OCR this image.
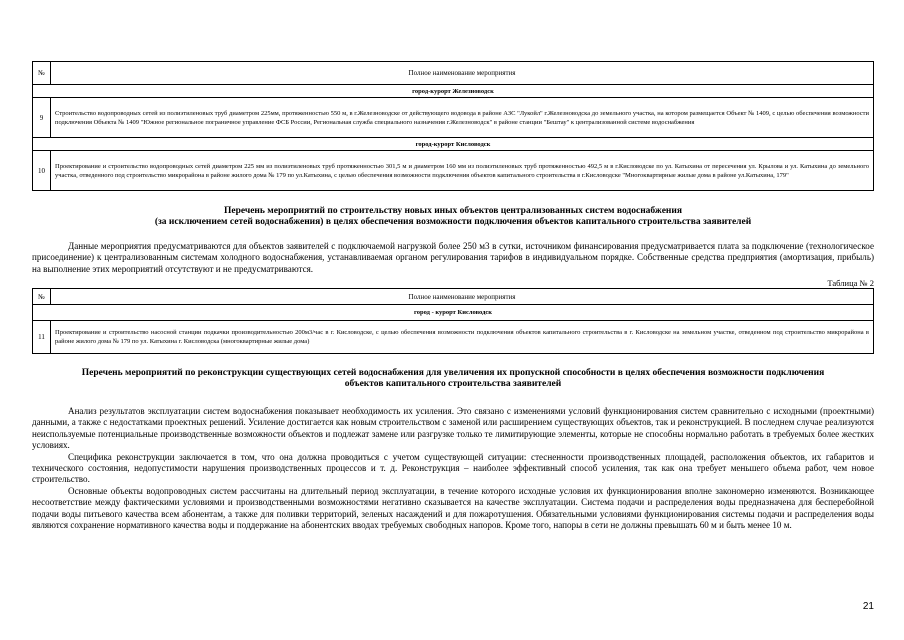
№	Полное наименование мероприятия
город-курорт Железноводск	
9	Строительство водопроводных сетей из полиэтиленовых труб диаметром 225мм, протяженностью 550 м, в г.Железноводске от действующего водовода в районе АЗС "Лукойл" г.Железноводска до земельного участка, на котором размещается Объект № 1409, с целью обеспечения возможности подключения Объекта № 1409 "Южное региональное пограничное управление ФСБ России, Региональная служба специального назначения г.Железноводск" в районе станции "Бештау" к централизованной системе водоснабжения
город-курорт Кисловодск	
10	Проектирование и строительство водопроводных сетей диаметром 225 мм из полиэтиленовых труб протяженностью 301,5 м и диаметром 160 мм из полиэтиленовых труб протяженностью 492,5 м в г.Кисловодске по ул. Катыхина от пересечения ул. Крылова и ул. Катыхина до земельного участка, отведенного под строительство микрорайона в районе жилого дома № 179 по ул.Катыхина, с целью обеспечения возможности подключения объектов капитального строительства в г.Кисловодске "Многоквартирные жилые дома в районе ул.Катыхина, 179"
Перечень мероприятий по строительству новых иных объектов централизованных систем водоснабжения
(за исключением сетей водоснабжения) в целях обеспечения возможности подключения объектов капитального строительства заявителей

Данные мероприятия предусматриваются для объектов заявителей с подключаемой нагрузкой более 250 м3 в сутки, источником финансирования предусматривается плата за подключение (технологическое присоединение) к централизованным системам холодного водоснабжения, устанавливаемая органом регулирования тарифов в индивидуальном порядке. Собственные средства предприятия (амортизация, прибыль) на выполнение этих мероприятий отсутствуют и не предусматриваются.

Таблица № 2
№	Полное наименование мероприятия
город - курорт Кисловодск	
11	Проектирование и строительство насосной станции подкачки производительностью 200м3/час в г. Кисловодске, с целью обеспечения возможности подключения объектов капитального строительства в г. Кисловодске на земельном участке, отведенном под строительство микрорайона в районе жилого дома № 179 по ул. Катыхина г. Кисловодска (многоквартирные жилые дома)
Перечень мероприятий по реконструкции существующих сетей водоснабжения для увеличения их пропускной способности в целях обеспечения возможности подключения
объектов капитального строительства заявителей

Анализ результатов эксплуатации систем водоснабжения показывает необходимость их усиления. Это связано с изменениями условий функционирования систем сравнительно с исходными (проектными) данными, а также с недостатками проектных решений. Усиление достигается как новым строительством с заменой или расширением существующих объектов, так и реконструкцией. В последнем случае реализуются неиспользуемые потенциальные производственные возможности объектов и подлежат замене или разгрузке только те лимитирующие элементы, которые не способны нормально работать в требуемых более жестких условиях.

Специфика реконструкции заключается в том, что она должна проводиться с учетом существующей ситуации: стесненности производственных площадей, расположения объектов, их габаритов и технического состояния, недопустимости нарушения производственных процессов и т. д. Реконструкция – наиболее эффективный способ усиления, так как она требует меньшего объема работ, чем новое строительство.

Основные объекты водопроводных систем рассчитаны на длительный период эксплуатации, в течение которого исходные условия их функционирования вполне закономерно изменяются. Возникающее несоответствие между фактическими условиями и производственными возможностями негативно сказывается на качестве эксплуатации. Система подачи и распределения воды предназначена для бесперебойной подачи воды питьевого качества всем абонентам, а также для поливки территорий, зеленых насаждений и для пожаротушения. Обязательными условиями функционирования системы подачи и распределения воды являются сохранение нормативного качества воды и поддержание на абонентских вводах требуемых свободных напоров. Кроме того, напоры в сети не должны превышать 60 м и быть менее 10 м.

21
